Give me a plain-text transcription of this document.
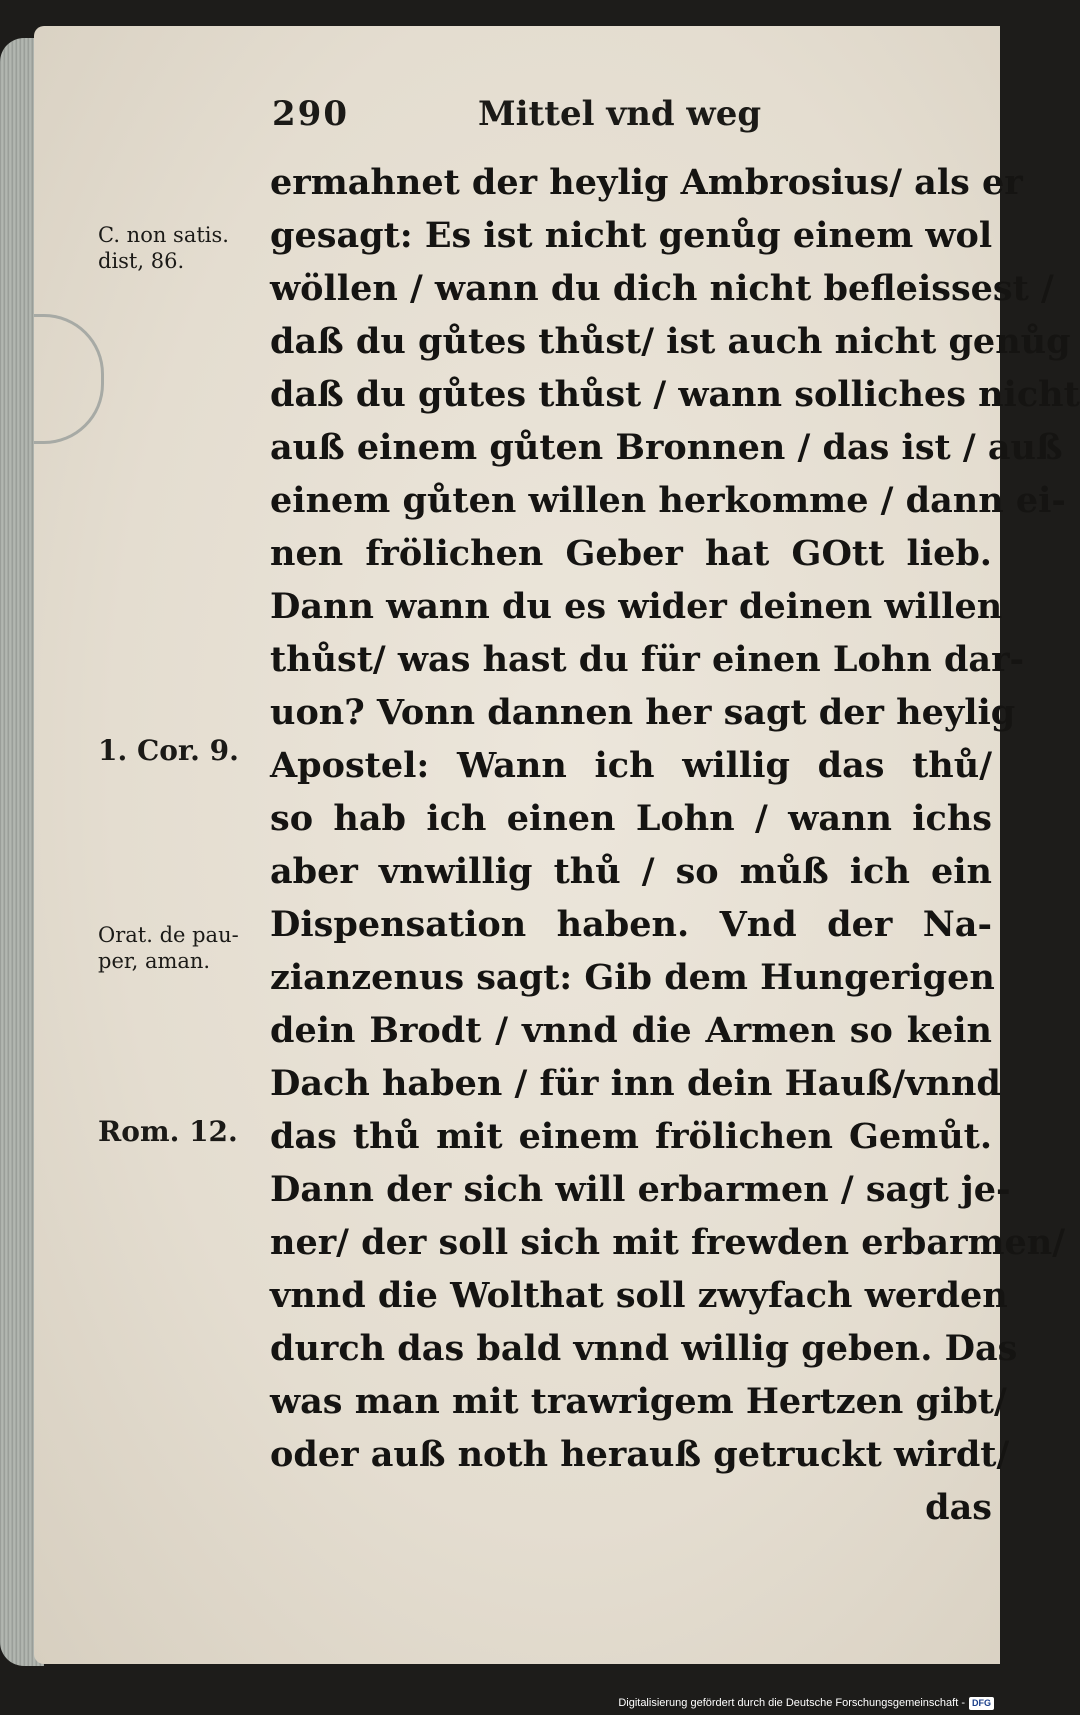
290	Mittel vnd weg
ermahnet der heylig Ambrosius/ als er
gesagt: Es ist nicht genůg einem wol
wöllen / wann du dich nicht befleissest /
daß du gůtes thůst/ ist auch nicht genůg
daß du gůtes thůst / wann solliches nicht
auß einem gůten Bronnen / das ist / auß
einem gůten willen herkomme / dann ei-
nen frölichen Geber hat GOtt lieb.
Dann wann du es wider deinen willen
thůst/ was hast du für einen Lohn dar-
uon? Vonn dannen her sagt der heylig
Apostel: Wann ich willig das thů/
so hab ich einen Lohn / wann ichs
aber vnwillig thů / so můß ich ein
Dispensation haben. Vnd der Na-
zianzenus sagt: Gib dem Hungerigen
dein Brodt / vnnd die Armen so kein
Dach haben / für inn dein Hauß/vnnd
das thů mit einem frölichen Gemůt.
Dann der sich will erbarmen / sagt je-
ner/ der soll sich mit frewden erbarmen/
vnnd die Wolthat soll zwyfach werden
durch das bald vnnd willig geben. Das
was man mit trawrigem Hertzen gibt/
oder auß noth herauß getruckt wirdt/
das
C. non satis.
dist, 86.
1. Cor. 9.
Orat. de pau-
per, aman.
Rom. 12.
Digitalisierung gefördert durch die Deutsche Forschungsgemeinschaft - DFG
